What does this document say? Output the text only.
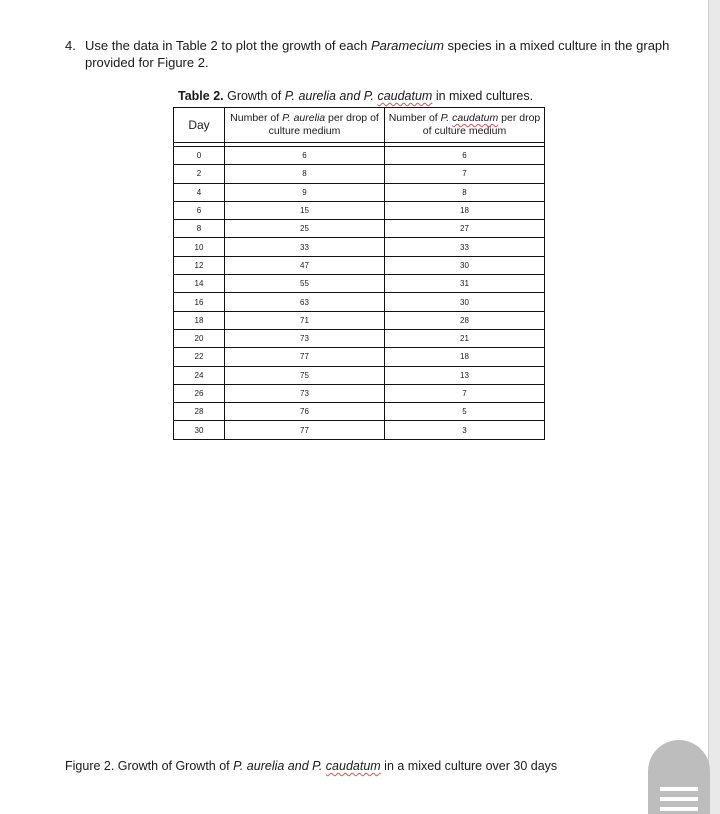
4. Use the data in Table 2 to plot the growth of each Paramecium species in a mixed culture in the graph provided for Figure 2.
Table 2. Growth of P. aurelia and P. caudatum in mixed cultures.
Day	Number of P. aurelia per drop of culture medium	Number of P. caudatum per drop of culture medium

0	6	6
2	8	7
4	9	8
6	15	18
8	25	27
10	33	33
12	47	30
14	55	31
16	63	30
18	71	28
20	73	21
22	77	18
24	75	13
26	73	7
28	76	5
30	77	3
Figure 2. Growth of Growth of P. aurelia and P. caudatum in a mixed culture over 30 days
